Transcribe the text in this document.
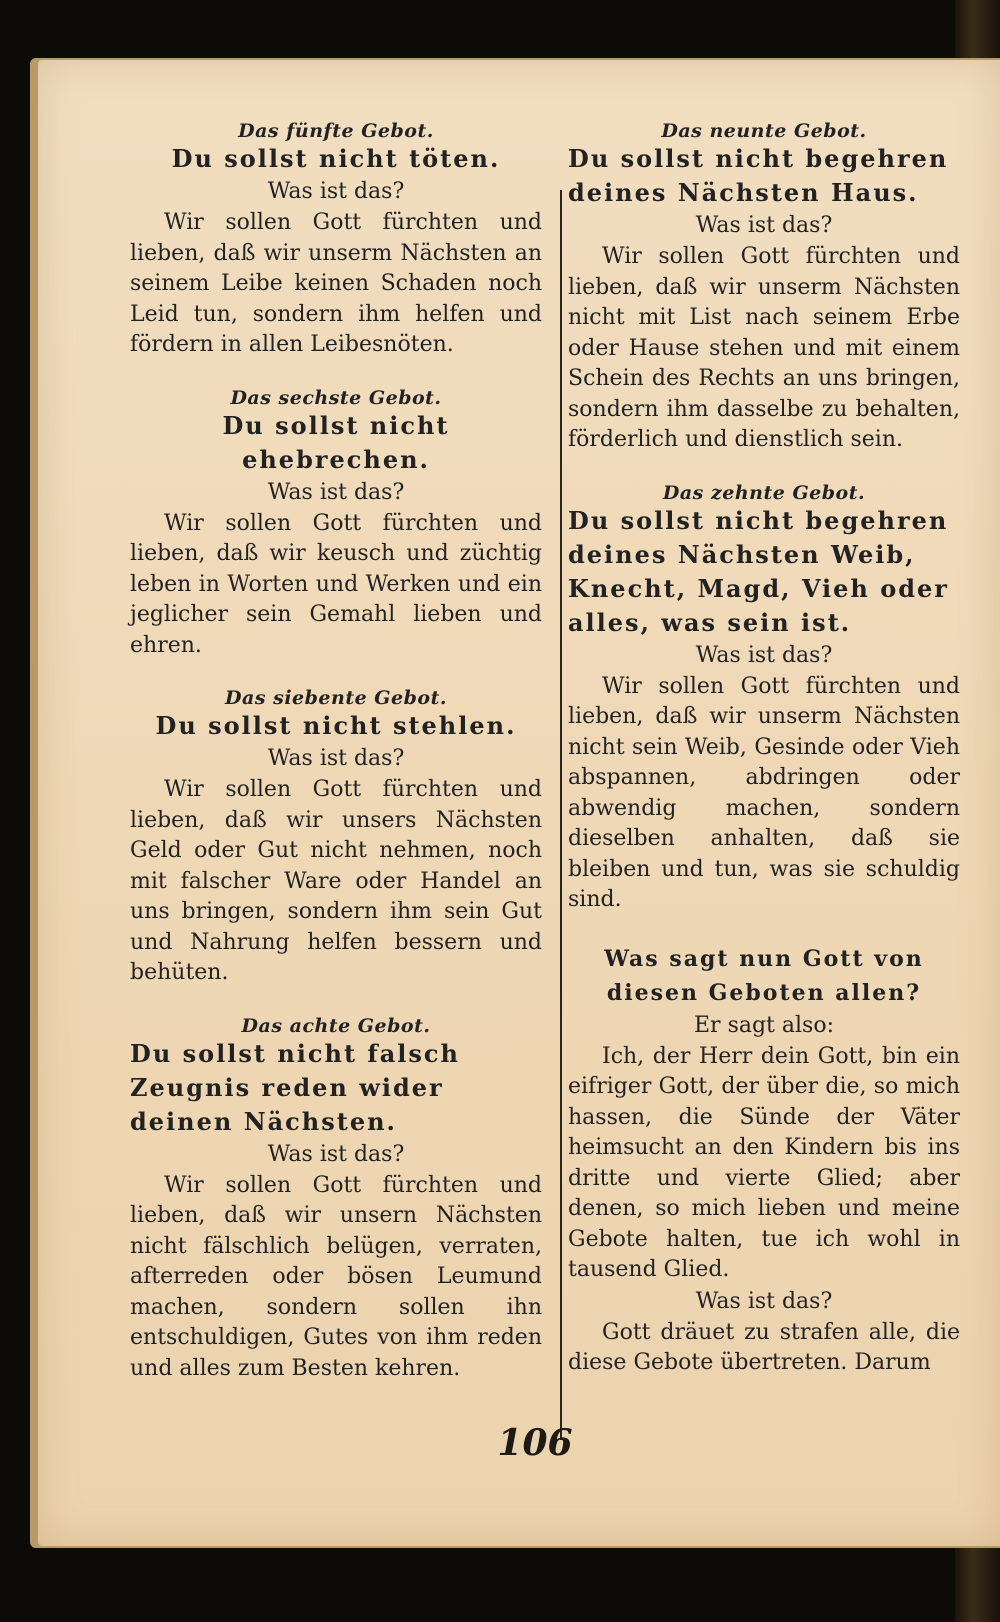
Das fünfte Gebot.

Du sollst nicht töten.

Was ist das?

Wir sollen Gott fürchten und lieben, daß wir unserm Nächsten an seinem Leibe keinen Schaden noch Leid tun, sondern ihm helfen und fördern in allen Leibesnöten.

Das sechste Gebot.

Du sollst nicht ehebrechen.

Was ist das?

Wir sollen Gott fürchten und lieben, daß wir keusch und züchtig leben in Worten und Werken und ein jeglicher sein Gemahl lieben und ehren.

Das siebente Gebot.

Du sollst nicht stehlen.

Was ist das?

Wir sollen Gott fürchten und lieben, daß wir unsers Nächsten Geld oder Gut nicht nehmen, noch mit falscher Ware oder Handel an uns bringen, sondern ihm sein Gut und Nahrung helfen bessern und behüten.

Das achte Gebot.

Du sollst nicht falsch Zeugnis reden wider deinen Nächsten.

Was ist das?

Wir sollen Gott fürchten und lieben, daß wir unsern Nächsten nicht fälschlich belügen, verraten, afterreden oder bösen Leumund machen, sondern sollen ihn entschuldigen, Gutes von ihm reden und alles zum Besten kehren.

Das neunte Gebot.

Du sollst nicht begehren deines Nächsten Haus.

Was ist das?

Wir sollen Gott fürchten und lieben, daß wir unserm Nächsten nicht mit List nach seinem Erbe oder Hause stehen und mit einem Schein des Rechts an uns bringen, sondern ihm dasselbe zu behalten, förderlich und dienstlich sein.

Das zehnte Gebot.

Du sollst nicht begehren deines Nächsten Weib, Knecht, Magd, Vieh oder alles, was sein ist.

Was ist das?

Wir sollen Gott fürchten und lieben, daß wir unserm Nächsten nicht sein Weib, Gesinde oder Vieh abspannen, abdringen oder abwendig machen, sondern dieselben anhalten, daß sie bleiben und tun, was sie schuldig sind.

Was sagt nun Gott von diesen Geboten allen?

Er sagt also:

Ich, der Herr dein Gott, bin ein eifriger Gott, der über die, so mich hassen, die Sünde der Väter heimsucht an den Kindern bis ins dritte und vierte Glied; aber denen, so mich lieben und meine Gebote halten, tue ich wohl in tausend Glied.

Was ist das?

Gott dräuet zu strafen alle, die diese Gebote übertreten. Darum

106
